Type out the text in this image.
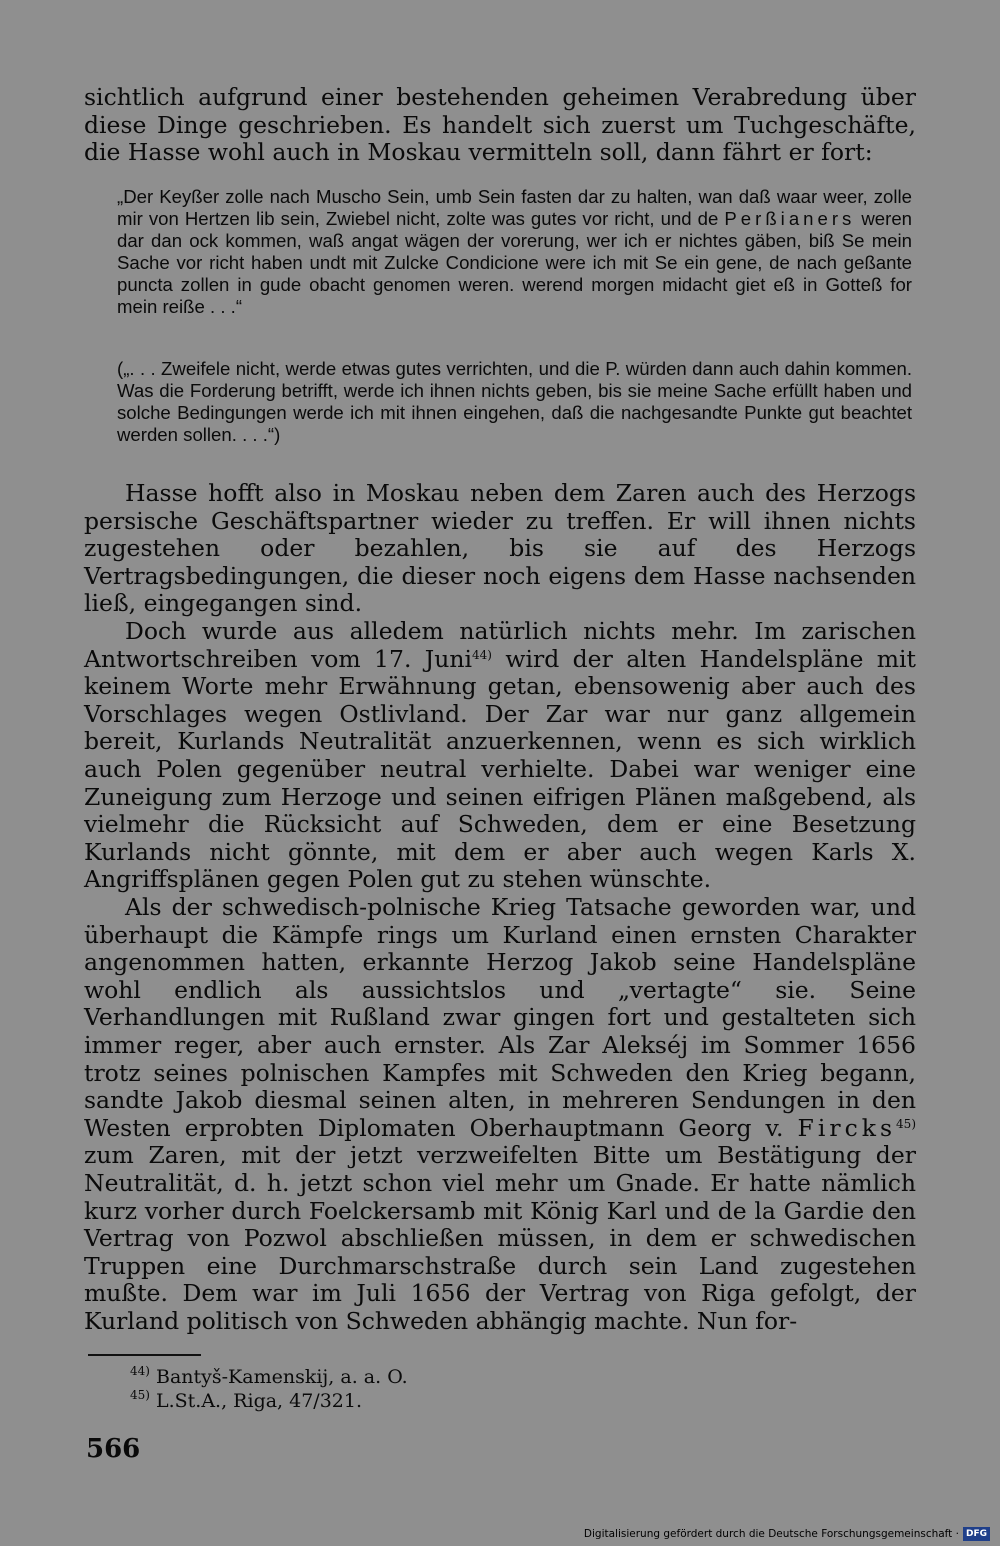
sichtlich aufgrund einer bestehenden geheimen Verabredung über diese Dinge geschrieben. Es handelt sich zuerst um Tuchgeschäfte, die Hasse wohl auch in Moskau vermitteln soll, dann fährt er fort:

„Der Keyßer zolle nach Muscho Sein, umb Sein fasten dar zu halten, wan daß waar weer, zolle mir von Hertzen lib sein, Zwiebel nicht, zolte was gutes vor richt, und de Perßianers weren dar dan ock kommen, waß angat wägen der vorerung, wer ich er nichtes gäben, biß Se mein Sache vor richt haben undt mit Zulcke Condicione were ich mit Se ein gene, de nach geßante puncta zollen in gude obacht genomen weren. werend morgen midacht giet eß in Gotteß for mein reiße . . .“

(„. . . Zweifele nicht, werde etwas gutes verrichten, und die P. würden dann auch dahin kommen. Was die Forderung betrifft, werde ich ihnen nichts geben, bis sie meine Sache erfüllt haben und solche Bedingungen werde ich mit ihnen eingehen, daß die nachgesandte Punkte gut beachtet werden sollen. . . .“)

Hasse hofft also in Moskau neben dem Zaren auch des Herzogs persische Geschäftspartner wieder zu treffen. Er will ihnen nichts zugestehen oder bezahlen, bis sie auf des Herzogs Vertragsbedingungen, die dieser noch eigens dem Hasse nachsenden ließ, eingegangen sind.

Doch wurde aus alledem natürlich nichts mehr. Im zarischen Antwortschreiben vom 17. Juni$^{44)}$ wird der alten Handelspläne mit keinem Worte mehr Erwähnung getan, ebensowenig aber auch des Vorschlages wegen Ostlivland. Der Zar war nur ganz allgemein bereit, Kurlands Neutralität anzuerkennen, wenn es sich wirklich auch Polen gegenüber neutral verhielte. Dabei war weniger eine Zuneigung zum Herzoge und seinen eifrigen Plänen maßgebend, als vielmehr die Rücksicht auf Schweden, dem er eine Besetzung Kurlands nicht gönnte, mit dem er aber auch wegen Karls X. Angriffsplänen gegen Polen gut zu stehen wünschte.

Als der schwedisch-polnische Krieg Tatsache geworden war, und überhaupt die Kämpfe rings um Kurland einen ernsten Charakter angenommen hatten, erkannte Herzog Jakob seine Handelspläne wohl endlich als aussichtslos und „vertagte“ sie. Seine Verhandlungen mit Rußland zwar gingen fort und gestalteten sich immer reger, aber auch ernster. Als Zar Alekséj im Sommer 1656 trotz seines polnischen Kampfes mit Schweden den Krieg begann, sandte Jakob diesmal seinen alten, in mehreren Sendungen in den Westen erprobten Diplomaten Oberhauptmann Georg v. Fircks$^{45)}$ zum Zaren, mit der jetzt verzweifelten Bitte um Bestätigung der Neutralität, d. h. jetzt schon viel mehr um Gnade. Er hatte nämlich kurz vorher durch Foelckersamb mit König Karl und de la Gardie den Vertrag von Pozwol abschließen müssen, in dem er schwedischen Truppen eine Durchmarschstraße durch sein Land zugestehen mußte. Dem war im Juli 1656 der Vertrag von Riga gefolgt, der Kurland politisch von Schweden abhängig machte. Nun for-

$^{44)}$ Bantyš-Kamenskij, a. a. O.

$^{45)}$ L.St.A., Riga, 47/321.

566

Digitalisierung gefördert durch die Deutsche Forschungsgemeinschaft · DFG
